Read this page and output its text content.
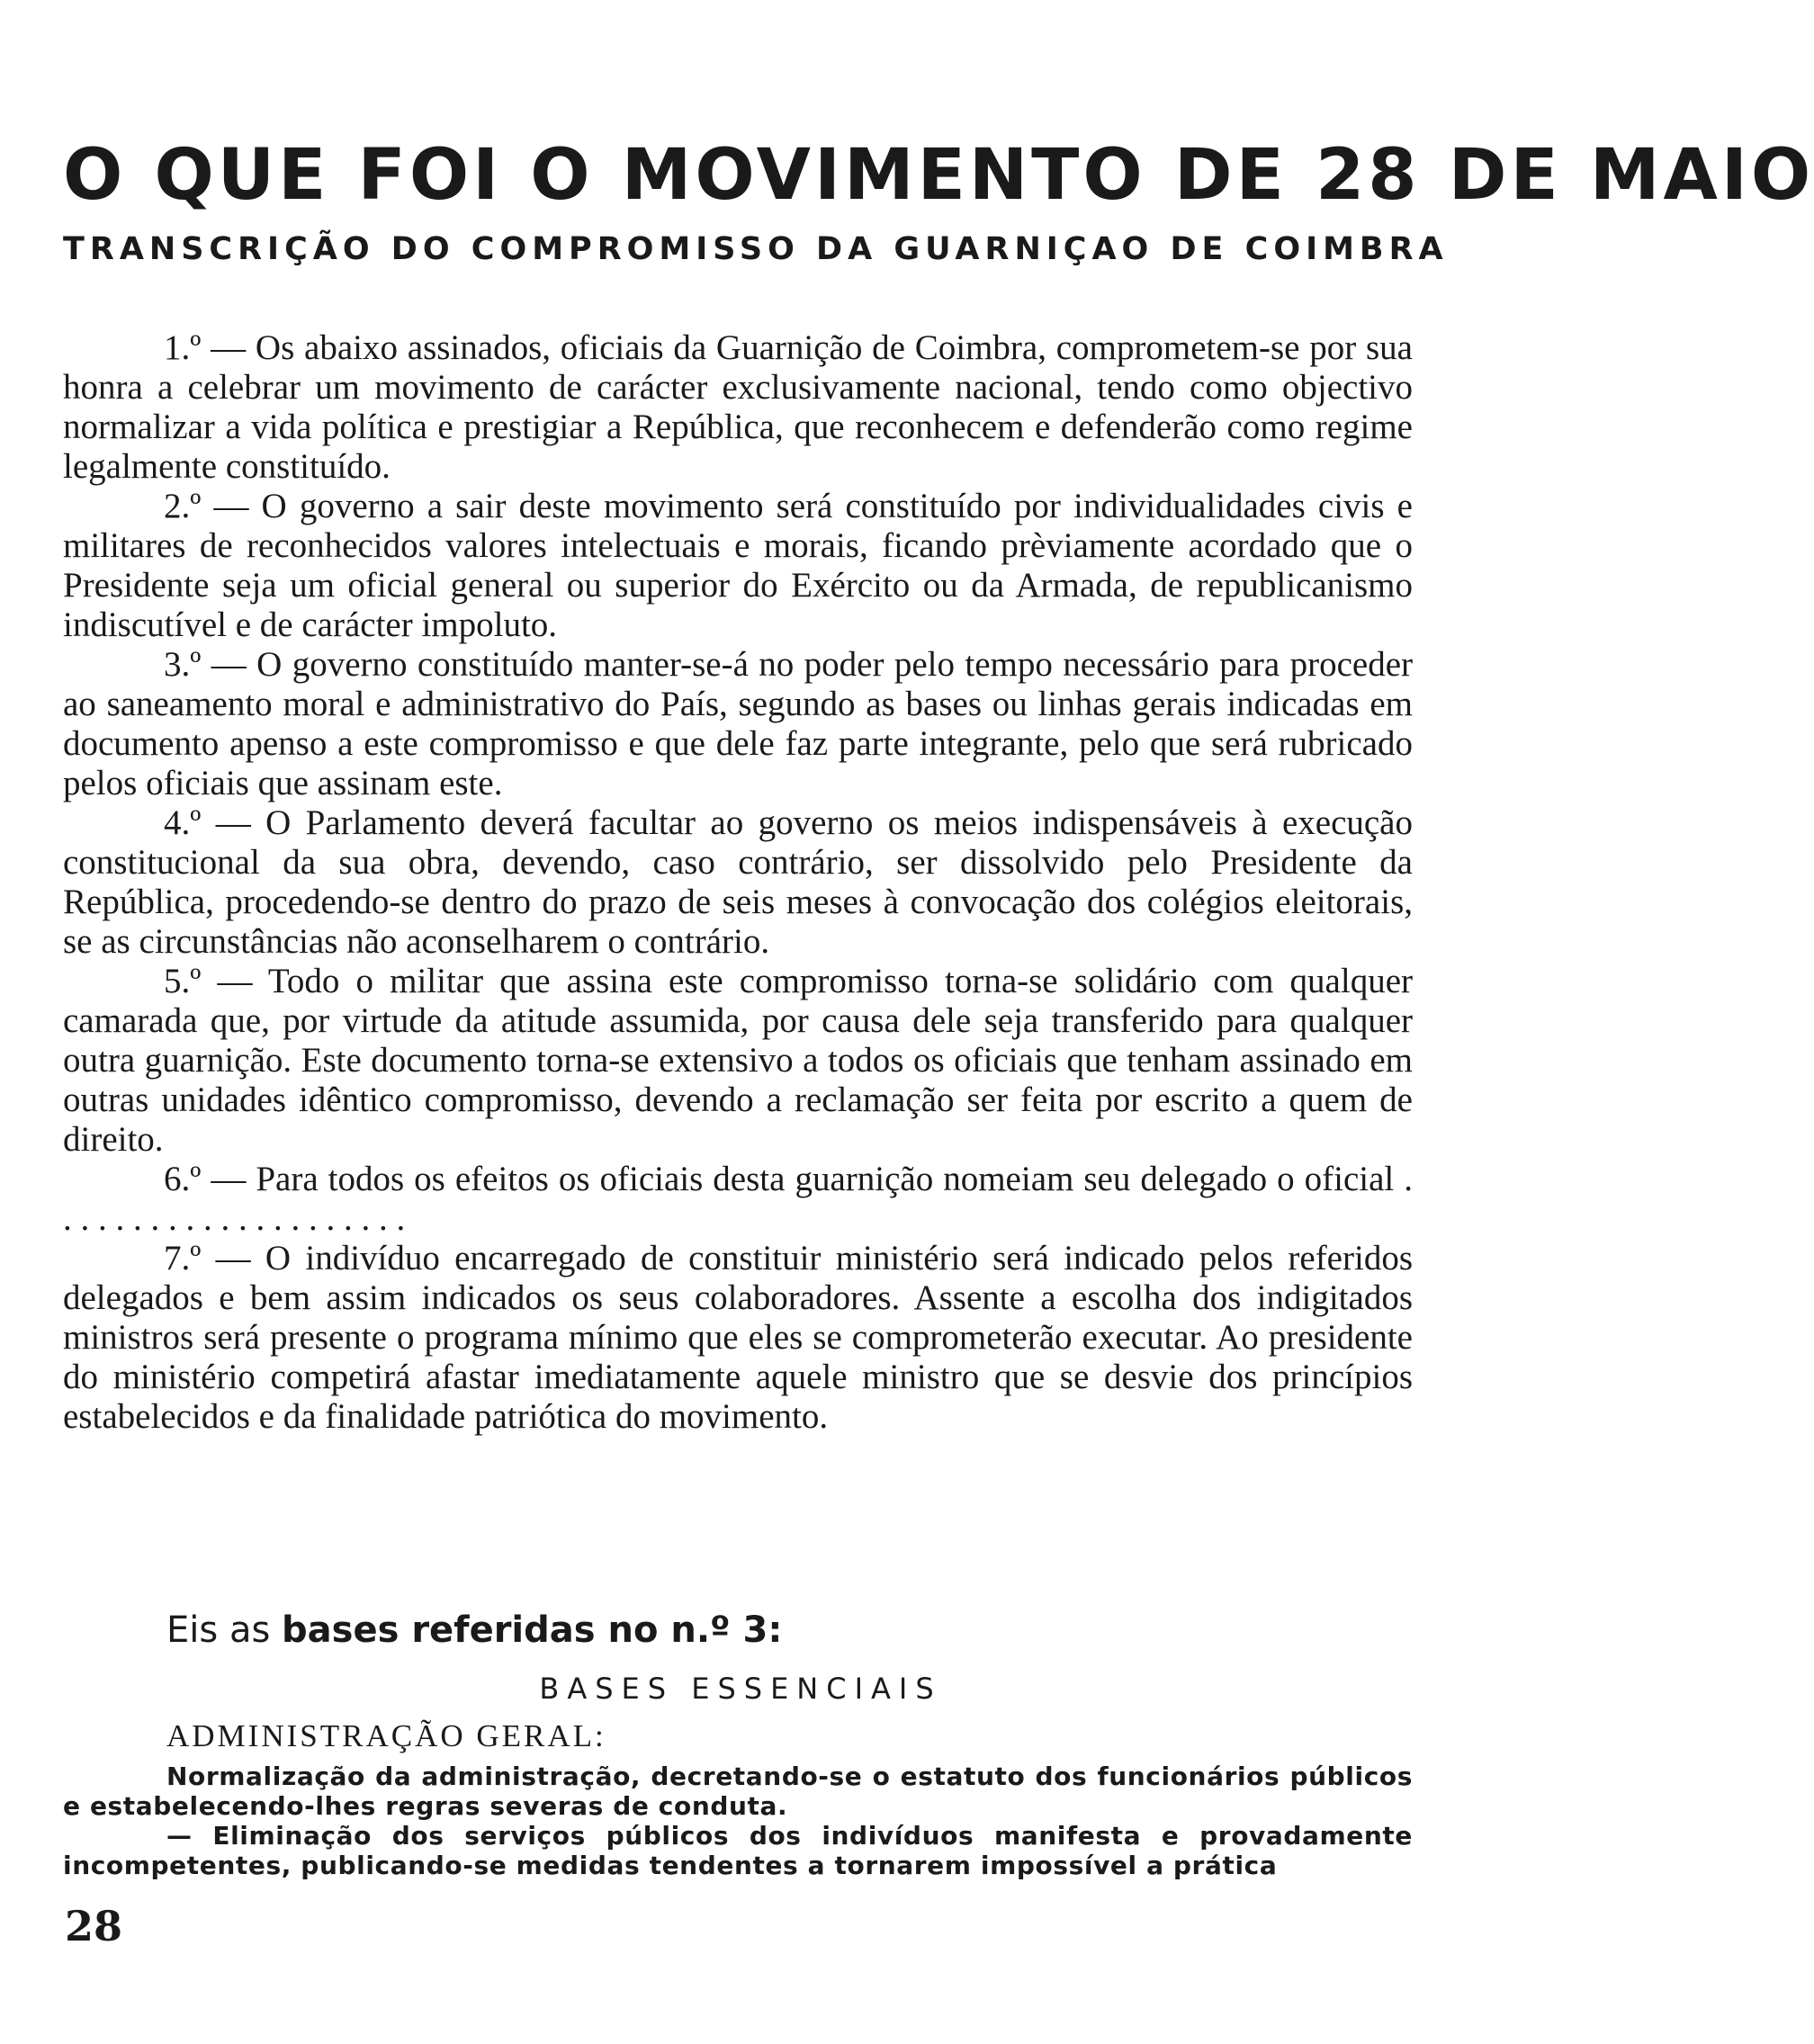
O QUE FOI O MOVIMENTO DE 28 DE MAIO
TRANSCRIÇÃO DO COMPROMISSO DA GUARNIÇAO DE COIMBRA

1.º — Os abaixo assinados, oficiais da Guarnição de Coimbra, comprometem-se por sua honra a celebrar um movimento de carácter exclusivamente nacional, tendo como objectivo normalizar a vida política e prestigiar a República, que reconhecem e defenderão como regime legalmente constituído.

2.º — O governo a sair deste movimento será constituído por individualidades civis e militares de reconhecidos valores intelectuais e morais, ficando prèviamente acordado que o Presidente seja um oficial general ou superior do Exército ou da Armada, de republicanismo indiscutível e de carácter impoluto.

3.º — O governo constituído manter-se-á no poder pelo tempo necessário para proceder ao saneamento moral e administrativo do País, segundo as bases ou linhas gerais indicadas em documento apenso a este compromisso e que dele faz parte integrante, pelo que será rubricado pelos oficiais que assinam este.

4.º — O Parlamento deverá facultar ao governo os meios indispensáveis à execução constitucional da sua obra, devendo, caso contrário, ser dissolvido pelo Presidente da República, procedendo-se dentro do prazo de seis meses à convocação dos colégios eleitorais, se as circunstâncias não aconselharem o contrário.

5.º — Todo o militar que assina este compromisso torna-se solidário com qualquer camarada que, por virtude da atitude assumida, por causa dele seja transferido para qualquer outra guarnição. Este documento torna-se extensivo a todos os oficiais que tenham assinado em outras unidades idêntico compromisso, devendo a reclamação ser feita por escrito a quem de direito.

6.º — Para todos os efeitos os oficiais desta guarnição nomeiam seu delegado o oficial . . . . . . . . . . . . . . . . . . . . .

7.º — O indivíduo encarregado de constituir ministério será indicado pelos referidos delegados e bem assim indicados os seus colaboradores. Assente a escolha dos indigitados ministros será presente o programa mínimo que eles se comprometerão executar. Ao presidente do ministério competirá afastar imediatamente aquele ministro que se desvie dos princípios estabelecidos e da finalidade patriótica do movimento.

Eis as bases referidas no n.º 3:
BASES ESSENCIAIS
ADMINISTRAÇÃO GERAL:

Normalização da administração, decretando-se o estatuto dos funcionários públicos e estabelecendo-lhes regras severas de conduta.

— Eliminação dos serviços públicos dos indivíduos manifesta e provadamente incompetentes, publicando-se medidas tendentes a tornarem impossível a prática

28
